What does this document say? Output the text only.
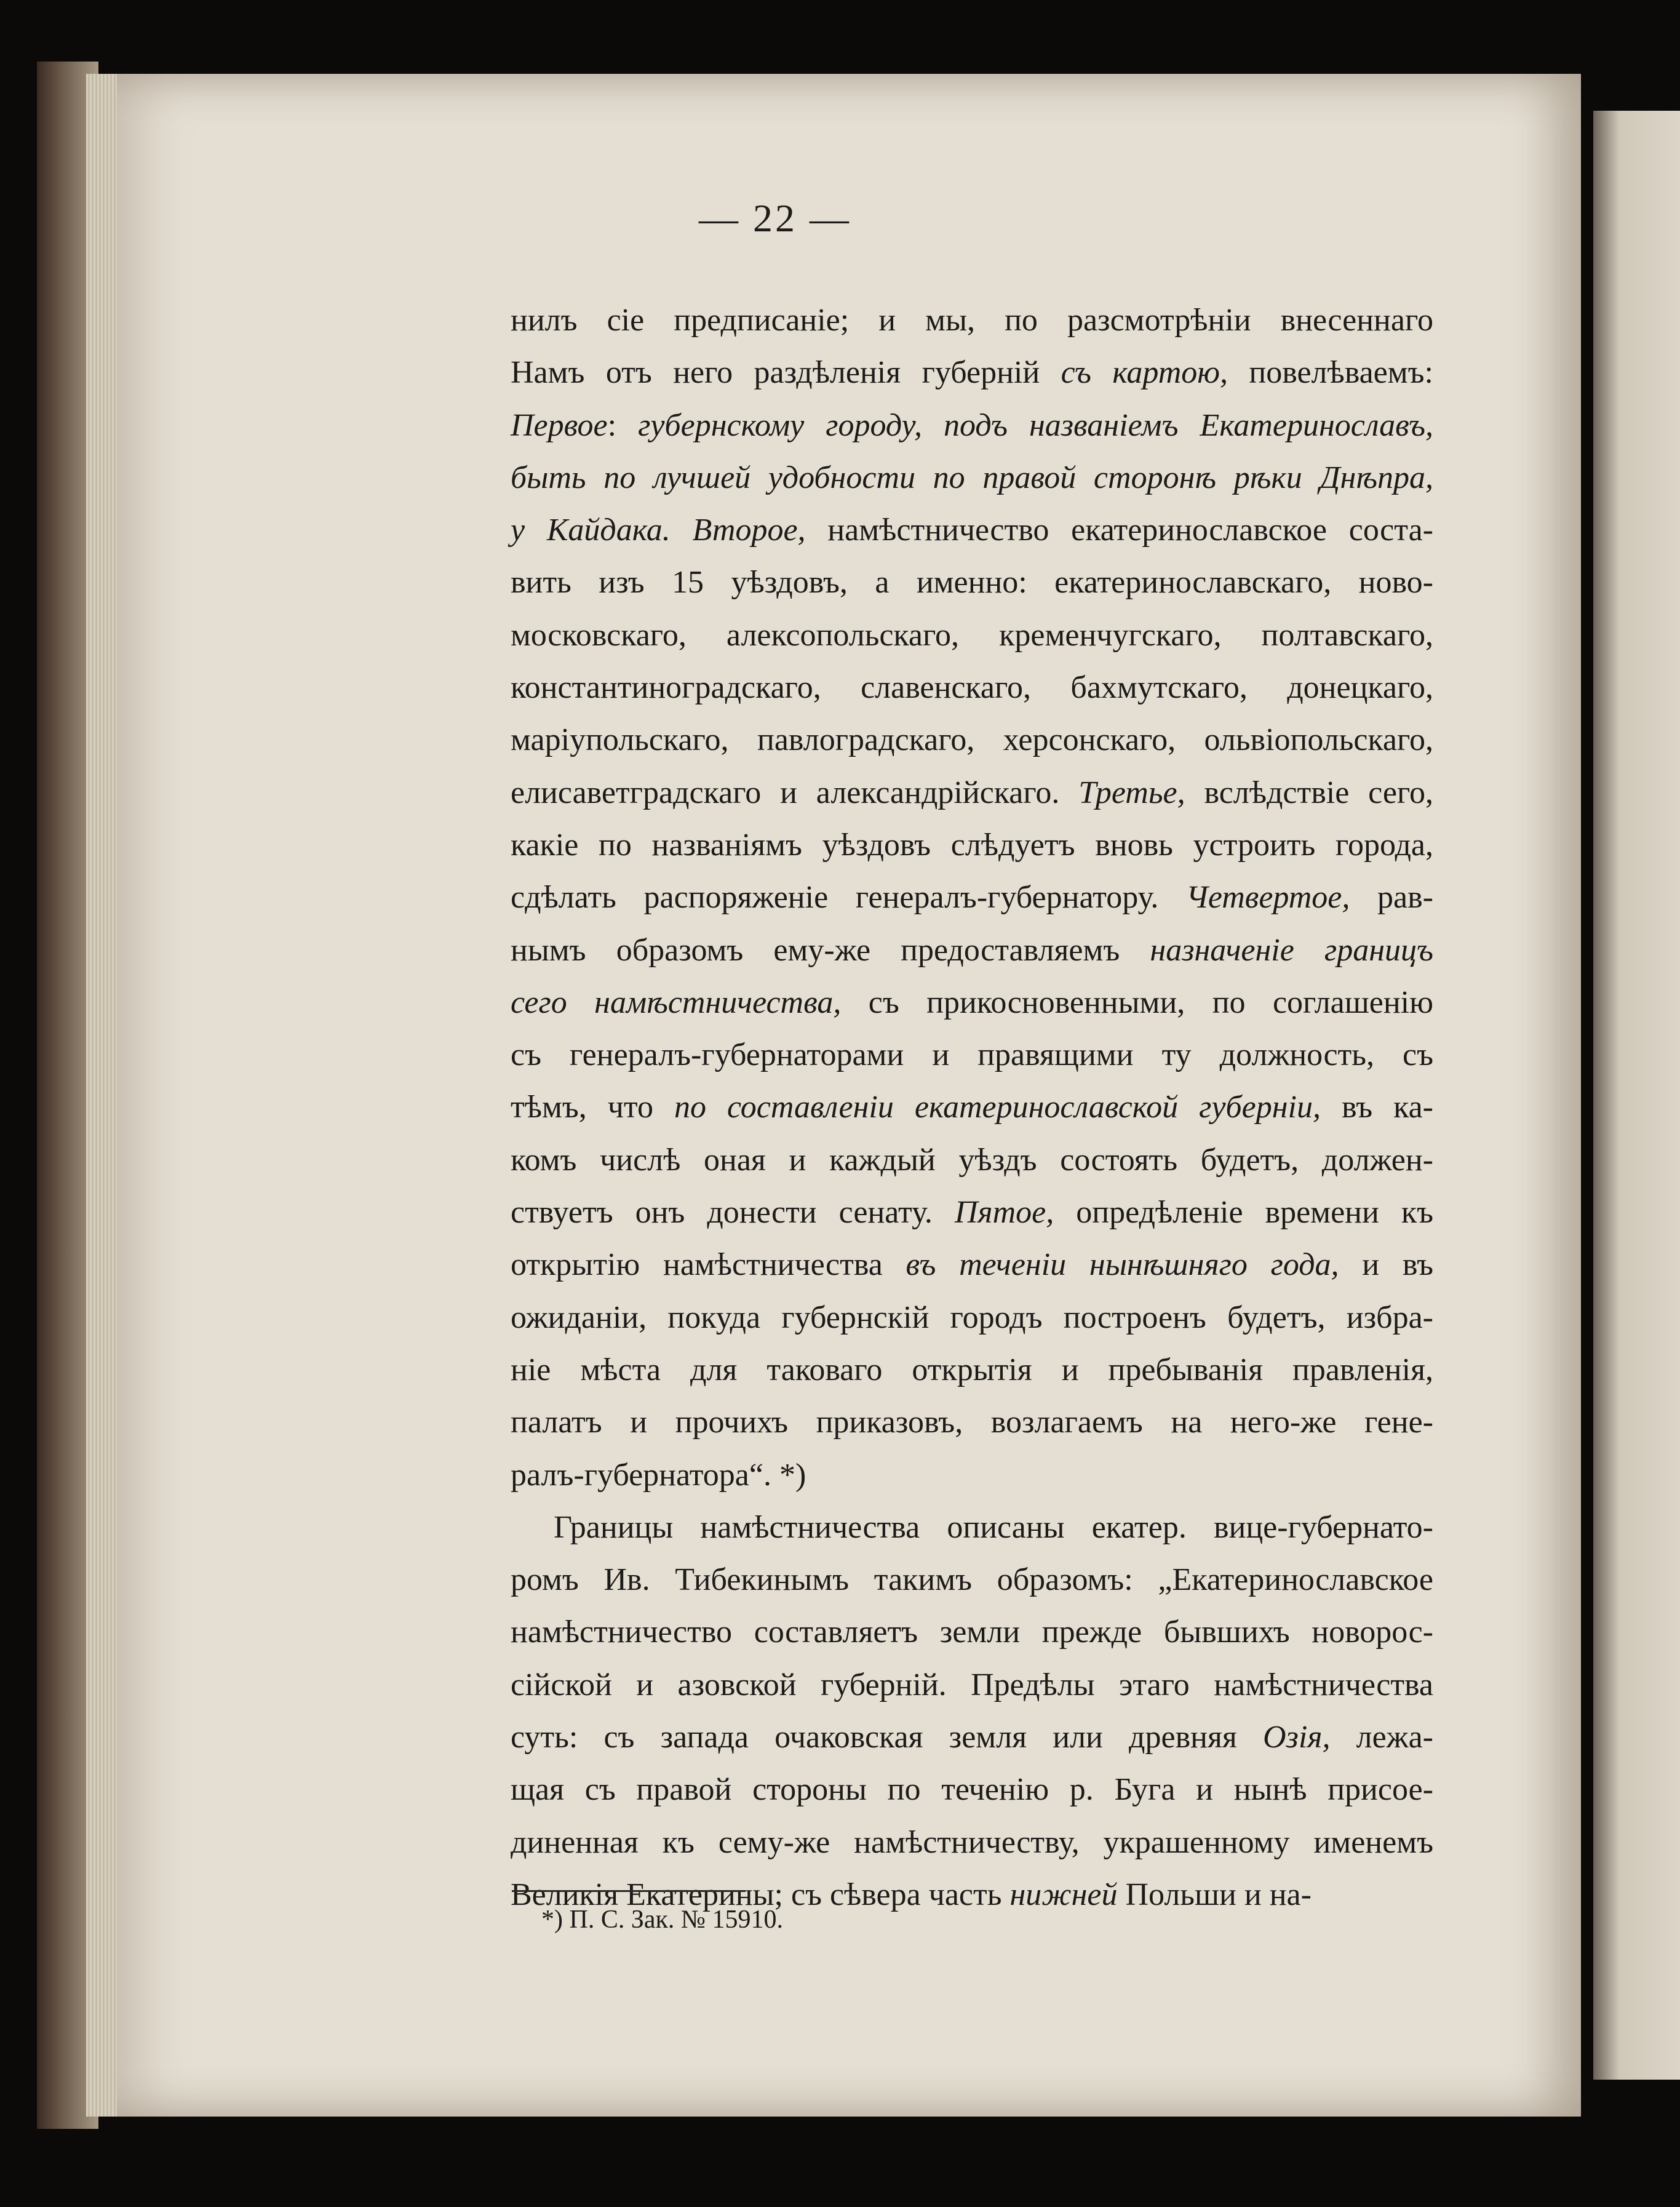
— 22 —
нилъ сіе предписаніе; и мы, по разсмотрѣніи внесеннаго
Намъ отъ него раздѣленія губерній съ картою, повелѣваемъ:
Первое: губернскому городу, подъ названіемъ Екатеринославъ,
быть по лучшей удобности по правой сторонѣ рѣки Днѣпра,
у Кайдака. Второе, намѣстничество екатеринославское соста-
вить изъ 15 уѣздовъ, а именно: екатеринославскаго, ново-
московскаго, алексопольскаго, кременчугскаго, полтавскаго,
константиноградскаго, славенскаго, бахмутскаго, донецкаго,
маріупольскаго, павлоградскаго, херсонскаго, ольвіопольскаго,
елисаветградскаго и александрійскаго. Третье, вслѣдствіе сего,
какіе по названіямъ уѣздовъ слѣдуетъ вновь устроить города,
сдѣлать распоряженіе генералъ-губернатору. Четвертое, рав-
нымъ образомъ ему-же предоставляемъ назначеніе границъ
сего намѣстничества, съ прикосновенными, по соглашенію
съ генералъ-губернаторами и правящими ту должность, съ
тѣмъ, что по составленіи екатеринославской губерніи, въ ка-
комъ числѣ оная и каждый уѣздъ состоять будетъ, должен-
ствуетъ онъ донести сенату. Пятое, опредѣленіе времени къ
открытію намѣстничества въ теченіи нынѣшняго года, и въ
ожиданіи, покуда губернскій городъ построенъ будетъ, избра-
ніе мѣста для таковаго открытія и пребыванія правленія,
палатъ и прочихъ приказовъ, возлагаемъ на него-же гене-
ралъ-губернатора“. *)
Границы намѣстничества описаны екатер. вице-губернато-
ромъ Ив. Тибекинымъ такимъ образомъ: „Екатеринославское
намѣстничество составляетъ земли прежде бывшихъ новорос-
сійской и азовской губерній. Предѣлы этаго намѣстничества
суть: съ запада очаковская земля или древняя Озія, лежа-
щая съ правой стороны по теченію р. Буга и нынѣ присое-
диненная къ сему-же намѣстничеству, украшенному именемъ
Великія Екатерины; съ сѣвера часть нижней Польши и на-
*) П. С. Зак. № 15910.
